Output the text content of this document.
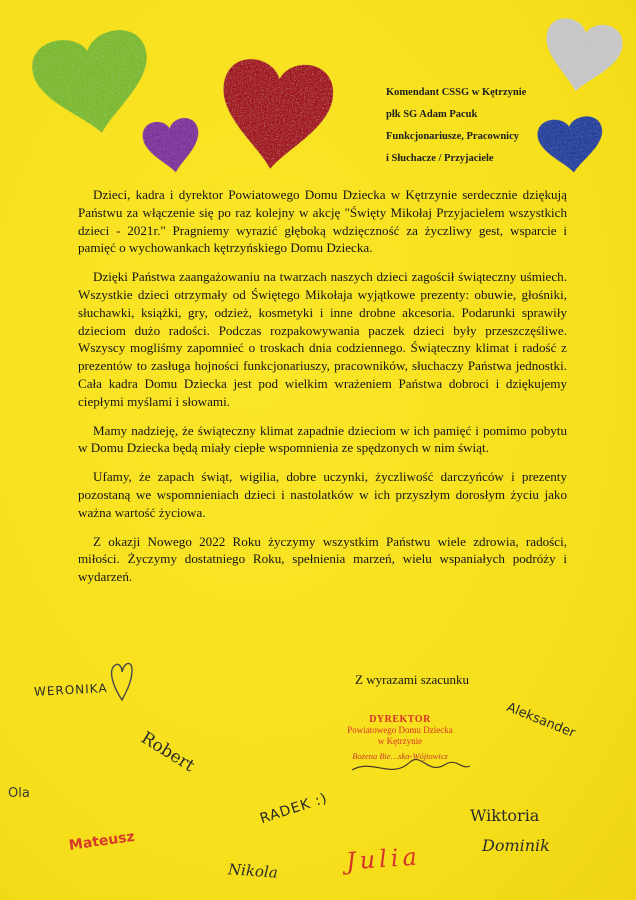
Komendant CSSG w Kętrzynie
płk SG Adam Pacuk
Funkcjonariusze, Pracownicy
i Słuchacze / Przyjaciele

Dzieci, kadra i dyrektor Powiatowego Domu Dziecka w Kętrzynie serdecznie dziękują Państwu za włączenie się po raz kolejny w akcję "Święty Mikołaj Przyjacielem wszystkich dzieci - 2021r." Pragniemy wyrazić głęboką wdzięczność za życzliwy gest, wsparcie i pamięć o wychowankach kętrzyńskiego Domu Dziecka.

Dzięki Państwa zaangażowaniu na twarzach naszych dzieci zagościł świąteczny uśmiech. Wszystkie dzieci otrzymały od Świętego Mikołaja wyjątkowe prezenty: obuwie, głośniki, słuchawki, książki, gry, odzież, kosmetyki i inne drobne akcesoria. Podarunki sprawiły dzieciom dużo radości. Podczas rozpakowywania paczek dzieci były przeszczęśliwe. Wszyscy mogliśmy zapomnieć o troskach dnia codziennego. Świąteczny klimat i radość z prezentów to zasługa hojności funkcjonariuszy, pracowników, słuchaczy Państwa jednostki. Cała kadra Domu Dziecka jest pod wielkim wrażeniem Państwa dobroci i dziękujemy ciepłymi myślami i słowami.

Mamy nadzieję, że świąteczny klimat zapadnie dzieciom w ich pamięć i pomimo pobytu w Domu Dziecka będą miały ciepłe wspomnienia ze spędzonych w nim świąt.

Ufamy, że zapach świąt, wigilia, dobre uczynki, życzliwość darczyńców i prezenty pozostaną we wspomnieniach dzieci i nastolatków w ich przyszłym dorosłym życiu jako ważna wartość życiowa.

Z okazji Nowego 2022 Roku życzymy wszystkim Państwu wiele zdrowia, radości, miłości. Życzymy dostatniego Roku, spełnienia marzeń, wielu wspaniałych podróży i wydarzeń.

Z wyrazami szacunku
DYREKTOR
Powiatowego Domu Dziecka
w Kętrzynie
Bożena Bie…ska-Wójtowicz
WERONIKA
Robert
Aleksander
Ola
Mateusz
RADEK :)	Wiktoria
Dominik
Nikola	Julia
